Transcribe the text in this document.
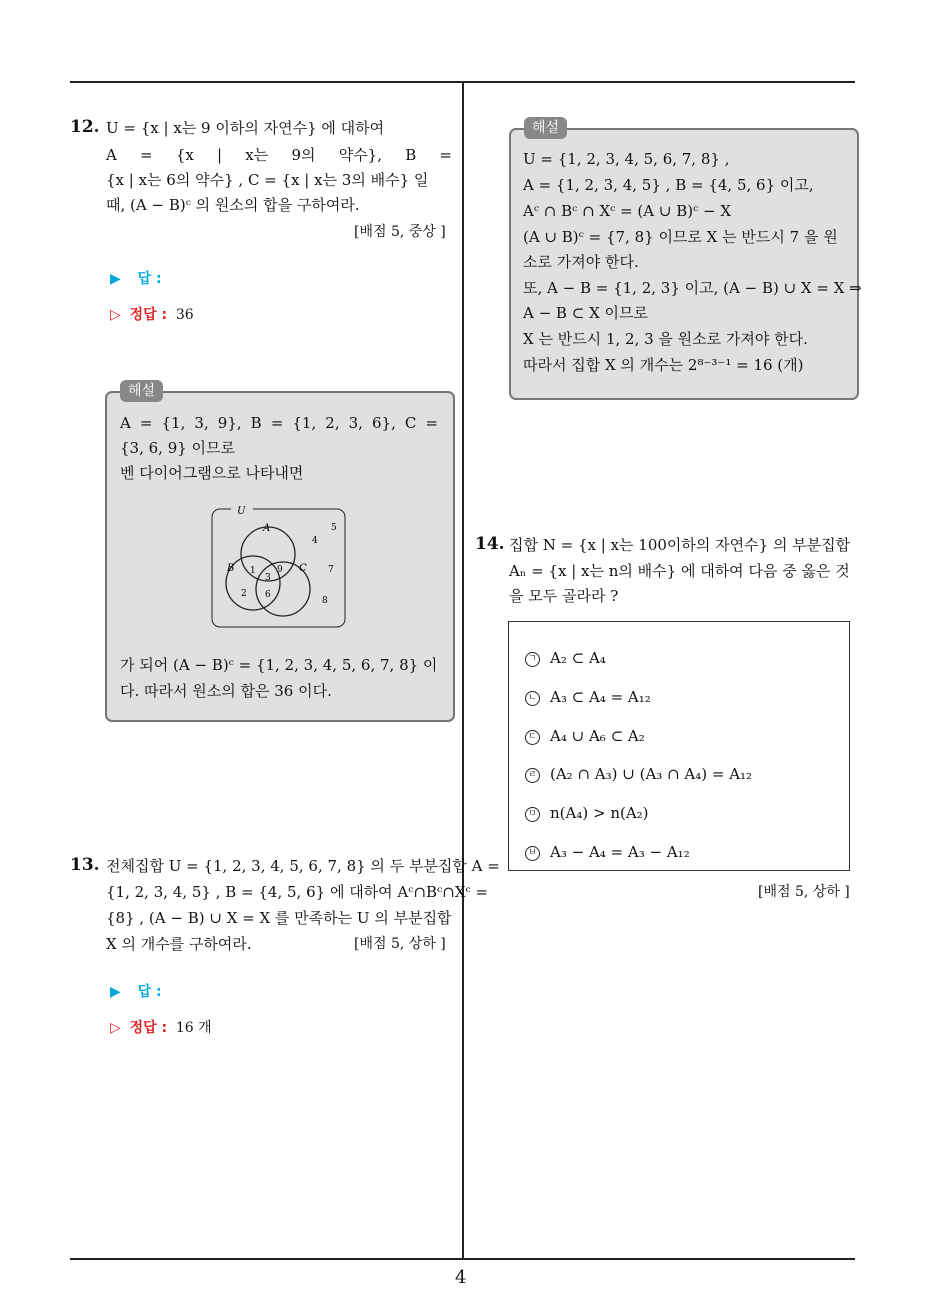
4
12. U = {x | x는 9 이하의 자연수} 에 대하여
A = {x | x는 9의 약수}, B =
{x | x는 6의 약수} , C = {x | x는 3의 배수} 일
때, (A − B)ᶜ 의 원소의 합을 구하여라.
[배점 5, 중상 ]
▶ 답 :
▷ 정답 : 36
해설
A = {1, 3, 9}, B = {1, 2, 3, 6}, C =
{3, 6, 9} 이므로
벤 다이어그램으로 나타내면
U
A
B	C
1 9
3
6
2
4
5
7
8
가 되어 (A − B)ᶜ = {1, 2, 3, 4, 5, 6, 7, 8} 이
다. 따라서 원소의 합은 36 이다.
13. 전체집합 U = {1, 2, 3, 4, 5, 6, 7, 8} 의 두 부분집합 A =
{1, 2, 3, 4, 5} , B = {4, 5, 6} 에 대하여 Aᶜ∩Bᶜ∩Xᶜ =
{8} , (A − B) ∪ X = X 를 만족하는 U 의 부분집합
X 의 개수를 구하여라.	[배점 5, 상하 ]
▶ 답 :
▷ 정답 : 16 개
해설
U = {1, 2, 3, 4, 5, 6, 7, 8} ,
A = {1, 2, 3, 4, 5} , B = {4, 5, 6} 이고,
Aᶜ ∩ Bᶜ ∩ Xᶜ = (A ∪ B)ᶜ − X
(A ∪ B)ᶜ = {7, 8} 이므로 X 는 반드시 7 을 원
소로 가져야 한다.
또, A − B = {1, 2, 3} 이고, (A − B) ∪ X = X ⇒
A − B ⊂ X 이므로
X 는 반드시 1, 2, 3 을 원소로 가져야 한다.
따라서 집합 X 의 개수는 2⁸⁻³⁻¹ = 16 (개)
14. 집합 N = {x | x는 100이하의 자연수} 의 부분집합
Aₙ = {x | x는 n의 배수} 에 대하여 다음 중 옳은 것
을 모두 골라라 ?
ㄱ A₂ ⊂ A₄
ㄴ A₃ ⊂ A₄ = A₁₂
ㄷ A₄ ∪ A₆ ⊂ A₂
ㄹ (A₂ ∩ A₃) ∪ (A₃ ∩ A₄) = A₁₂
ㅁ n(A₄) > n(A₂)
ㅂ A₃ − A₄ = A₃ − A₁₂
[배점 5, 상하 ]
